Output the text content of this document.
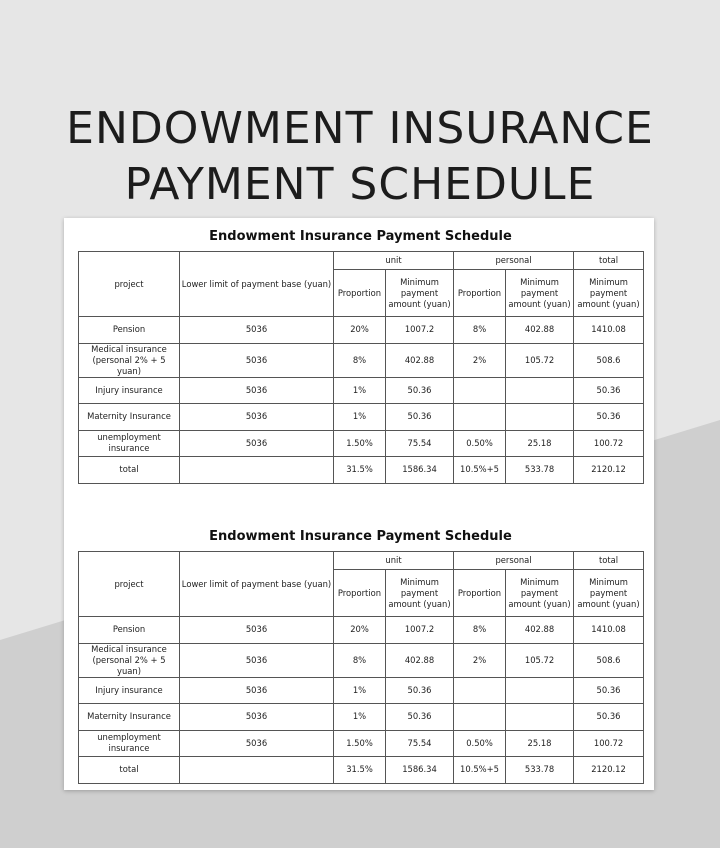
ENDOWMENT INSURANCE
PAYMENT SCHEDULE
Endowment Insurance Payment Schedule
project	Lower limit of payment base (yuan)	unit		personal		total
		Proportion	Minimum payment amount (yuan)	Proportion	Minimum payment amount (yuan)	Minimum payment amount (yuan)
Pension	5036	20%	1007.2	8%	402.88	1410.08
Medical insurance (personal 2% + 5 yuan)	5036	8%	402.88	2%	105.72	508.6
Injury insurance	5036	1%	50.36			50.36
Maternity Insurance	5036	1%	50.36			50.36
unemployment insurance	5036	1.50%	75.54	0.50%	25.18	100.72
total		31.5%	1586.34	10.5%+5	533.78	2120.12
Endowment Insurance Payment Schedule
project	Lower limit of payment base (yuan)	unit		personal		total
		Proportion	Minimum payment amount (yuan)	Proportion	Minimum payment amount (yuan)	Minimum payment amount (yuan)
Pension	5036	20%	1007.2	8%	402.88	1410.08
Medical insurance (personal 2% + 5 yuan)	5036	8%	402.88	2%	105.72	508.6
Injury insurance	5036	1%	50.36			50.36
Maternity Insurance	5036	1%	50.36			50.36
unemployment insurance	5036	1.50%	75.54	0.50%	25.18	100.72
total		31.5%	1586.34	10.5%+5	533.78	2120.12
